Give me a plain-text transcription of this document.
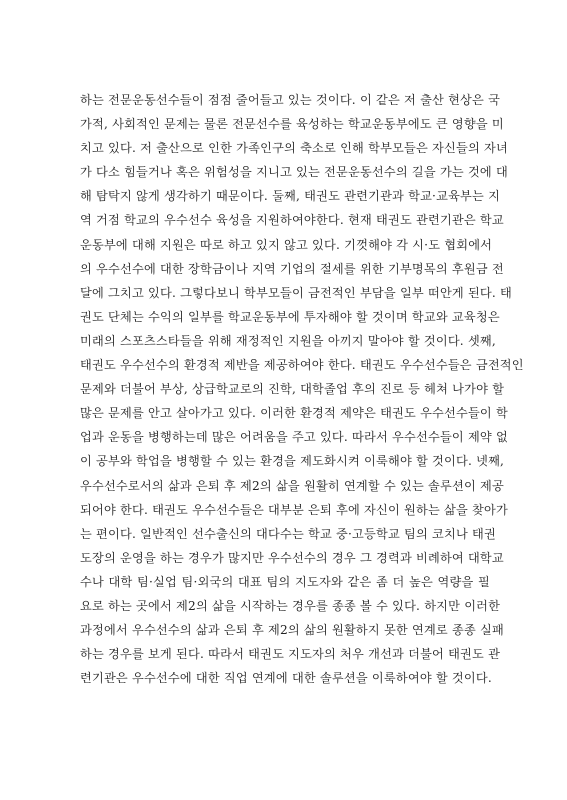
하는 전문운동선수들이 점점 줄어들고 있는 것이다. 이 같은 저 출산 현상은 국
가적, 사회적인 문제는 물론 전문선수를 육성하는 학교운동부에도 큰 영향을 미
치고 있다. 저 출산으로 인한 가족인구의 축소로 인해 학부모들은 자신들의 자녀
가 다소 힘들거나 혹은 위험성을 지니고 있는 전문운동선수의 길을 가는 것에 대
해 탐탁지 않게 생각하기 때문이다. 둘째, 태권도 관련기관과 학교·교육부는 지
역 거점 학교의 우수선수 육성을 지원하여야한다. 현재 태권도 관련기관은 학교
운동부에 대해 지원은 따로 하고 있지 않고 있다. 기껏해야 각 시·도 협회에서
의 우수선수에 대한 장학금이나 지역 기업의 절세를 위한 기부명목의 후원금 전
달에 그치고 있다. 그렇다보니 학부모들이 금전적인 부담을 일부 떠안게 된다. 태
권도 단체는 수익의 일부를 학교운동부에 투자해야 할 것이며 학교와 교육청은
미래의 스포츠스타들을 위해 재정적인 지원을 아끼지 말아야 할 것이다. 셋째,
태권도 우수선수의 환경적 제반을 제공하여야 한다. 태권도 우수선수들은 금전적인
문제와 더불어 부상, 상급학교로의 진학, 대학졸업 후의 진로 등 헤쳐 나가야 할
많은 문제를 안고 살아가고 있다. 이러한 환경적 제약은 태권도 우수선수들이 학
업과 운동을 병행하는데 많은 어려움을 주고 있다. 따라서 우수선수들이 제약 없
이 공부와 학업을 병행할 수 있는 환경을 제도화시켜 이룩해야 할 것이다. 넷째,
우수선수로서의 삶과 은퇴 후 제2의 삶을 원활히 연계할 수 있는 솔루션이 제공
되어야 한다. 태권도 우수선수들은 대부분 은퇴 후에 자신이 원하는 삶을 찾아가
는 편이다. 일반적인 선수출신의 대다수는 학교 중·고등학교 팀의 코치나 태권
도장의 운영을 하는 경우가 많지만 우수선수의 경우 그 경력과 비례하여 대학교
수나 대학 팀·실업 팀·외국의 대표 팀의 지도자와 같은 좀 더 높은 역량을 필
요로 하는 곳에서 제2의 삶을 시작하는 경우를 종종 볼 수 있다. 하지만 이러한
과정에서 우수선수의 삶과 은퇴 후 제2의 삶의 원활하지 못한 연계로 종종 실패
하는 경우를 보게 된다. 따라서 태권도 지도자의 처우 개선과 더불어 태권도 관
련기관은 우수선수에 대한 직업 연계에 대한 솔루션을 이룩하여야 할 것이다.
